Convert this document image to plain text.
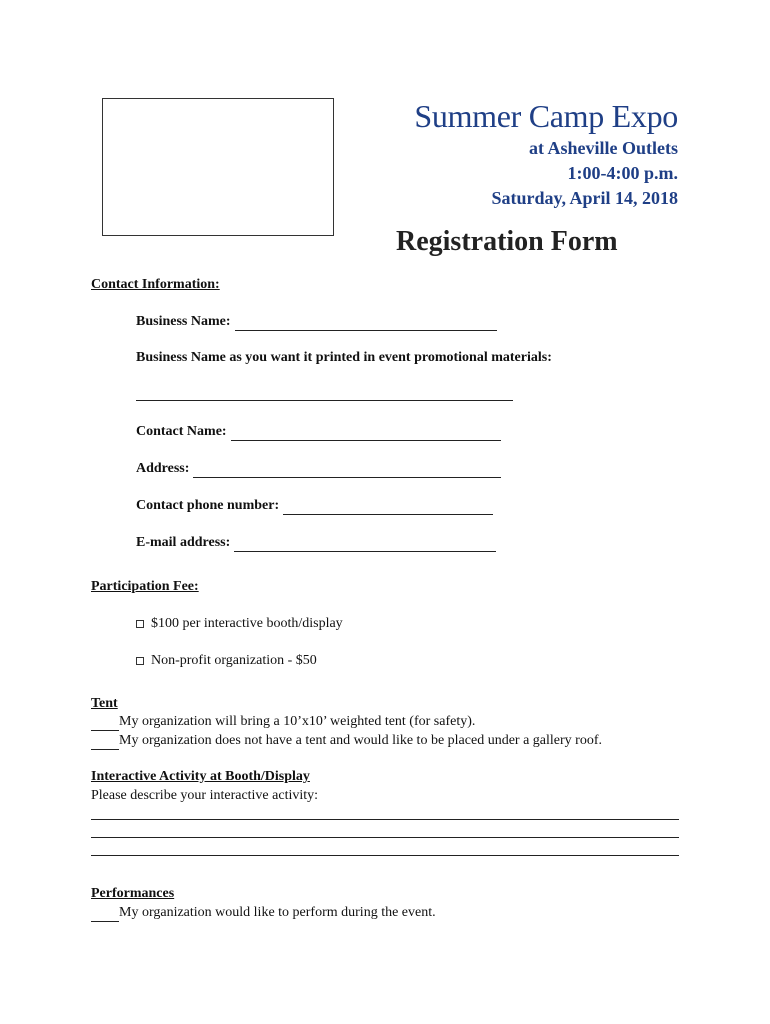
Summer Camp Expo
at Asheville Outlets
1:00-4:00 p.m.
Saturday, April 14, 2018
Registration Form
Contact Information:
Business Name:
Business Name as you want it printed in event promotional materials:
Contact Name:
Address:
Contact phone number:
E-mail address:
Participation Fee:
$100 per interactive booth/display
Non-profit organization - $50
Tent
My organization will bring a 10’x10’ weighted tent (for safety).
My organization does not have a tent and would like to be placed under a gallery roof.
Interactive Activity at Booth/Display
Please describe your interactive activity:
Performances
My organization would like to perform during the event.
